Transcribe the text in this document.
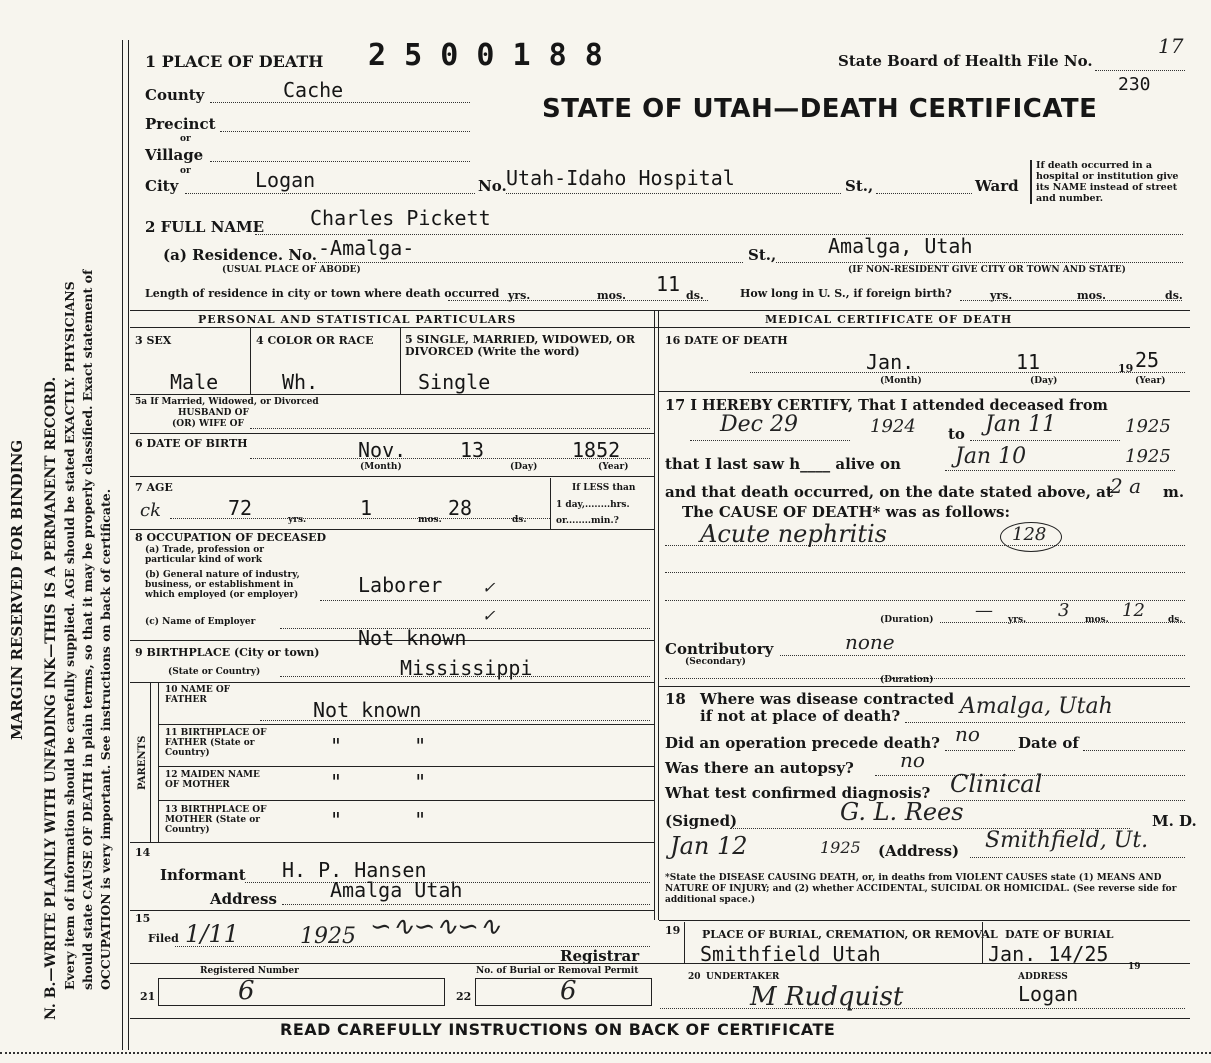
MARGIN RESERVED FOR BINDING N. B.—WRITE PLAINLY WITH UNFADING INK—THIS IS A PERMANENT RECORD. Every item of information should be carefully supplied. AGE should be stated EXACTLY. PHYSICIANS should state CAUSE OF DEATH in plain terms, so that it may be properly classified. Exact statement of OCCUPATION is very important. See instructions on back of certificate.
1 PLACE OF DEATH 2 5 0 0 1 8 8	State Board of Health File No.
17
230
STATE OF UTAH—DEATH CERTIFICATE
County	Cache
Precinct
or
Village
or
City	Logan	No. Utah-Idaho Hospital	St.,	Ward
If death occurred in a hospital or institution give its NAME instead of street and number.
2 FULL NAME Charles Pickett
(a) Residence. No. -Amalga-	St.,	Amalga, Utah
(USUAL PLACE OF ABODE)	(IF NON-RESIDENT GIVE CITY OR TOWN AND STATE)
Length of residence in city or town where death occurred yrs.	mos. 11 ds.	How long in U. S., if foreign birth?	yrs.	mos.	ds.
PERSONAL AND STATISTICAL PARTICULARS	MEDICAL CERTIFICATE OF DEATH
3 SEX
Male
4 COLOR OR RACE
Wh.
5 SINGLE, MARRIED, WIDOWED, OR DIVORCED (Write the word)
Single
5a If Married, Widowed, or Divorced
HUSBAND OF
(OR) WIFE OF
6 DATE OF BIRTH	Nov.	13	1852
(Month)	(Day)	(Year)
7 AGE
ck	72	yrs.	1	mos. 28	ds.
If LESS than
1 day,........hrs.
or........min.?
8 OCCUPATION OF DECEASED
(a) Trade, profession or particular kind of work
(b) General nature of industry, business, or establishment in which employed (or employer)	Laborer ✓
(c) Name of Employer	✓
Not known
9 BIRTHPLACE (City or town)
(State or Country)	Mississippi
PARENTS
10 NAME OF FATHER	Not known
11 BIRTHPLACE OF FATHER (State or Country)	" "
12 MAIDEN NAME OF MOTHER	" "
13 BIRTHPLACE OF MOTHER (State or Country)	" "
14
Informant H. P. Hansen
Address	Amalga Utah
15
Filed 1/11	1925 ∽∿∽∿∽∿
Registrar
Registered Number
21	6
No. of Burial or Removal Permit
22	6
16 DATE OF DEATH
Jan.	11	19 25
(Month)	(Day)	(Year)
17 I HEREBY CERTIFY, That I attended deceased from
Dec 29	1924 to Jan 11	1925
that I last saw h____ alive on Jan 10	1925
and that death occurred, on the date stated above, at
2 a m.
The CAUSE OF DEATH* was as follows:
Acute nephritis	128
(Duration) — yrs. 3 mos. 12	ds.
Contributory
(Secondary)
none
(Duration)
18 Where was disease contracted
if not at place of death?	Amalga, Utah
Did an operation precede death? no	Date of
Was there an autopsy? no
What test confirmed diagnosis? Clinical
(Signed)	G. L. Rees	M. D.
Jan 12	1925 (Address) Smithfield, Ut.
*State the DISEASE CAUSING DEATH, or, in deaths from VIOLENT CAUSES state (1) MEANS AND NATURE OF INJURY; and (2) whether ACCIDENTAL, SUICIDAL OR HOMICIDAL. (See reverse side for additional space.)
19 PLACE OF BURIAL, CREMATION, OR REMOVAL
Smithfield Utah
DATE OF BURIAL
Jan. 14/25
19
20 UNDERTAKER
M Rudquist
ADDRESS
Logan
READ CAREFULLY INSTRUCTIONS ON BACK OF CERTIFICATE
